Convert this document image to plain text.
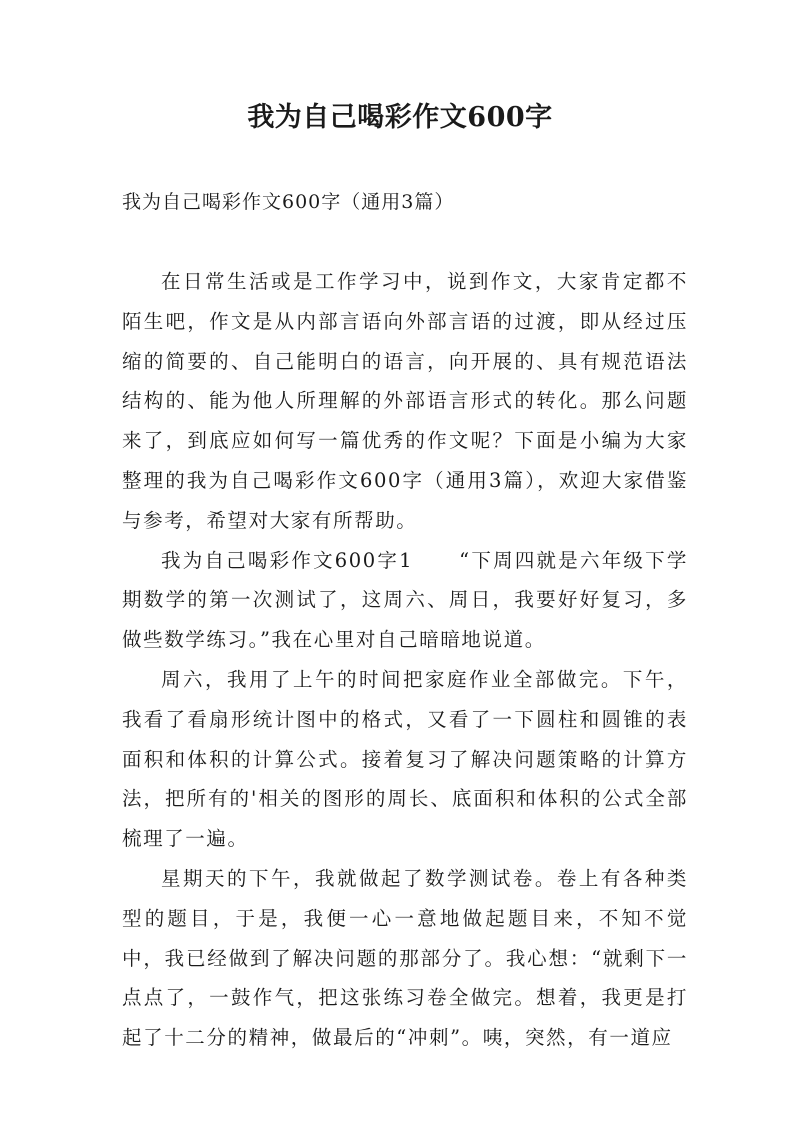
我为自己喝彩作文600字
我为自己喝彩作文600字（通用3篇）

在日常生活或是工作学习中，说到作文，大家肯定都不陌生吧，作文是从内部言语向外部言语的过渡，即从经过压缩的简要的、自己能明白的语言，向开展的、具有规范语法结构的、能为他人所理解的外部语言形式的转化。那么问题来了，到底应如何写一篇优秀的作文呢？下面是小编为大家整理的我为自己喝彩作文600字（通用3篇），欢迎大家借鉴与参考，希望对大家有所帮助。

我为自己喝彩作文600字1 “下周四就是六年级下学期数学的第一次测试了，这周六、周日，我要好好复习，多做些数学练习。”我在心里对自己暗暗地说道。

周六，我用了上午的时间把家庭作业全部做完。下午，我看了看扇形统计图中的格式，又看了一下圆柱和圆锥的表面积和体积的计算公式。接着复习了解决问题策略的计算方法，把所有的'相关的图形的周长、底面积和体积的公式全部梳理了一遍。

星期天的下午，我就做起了数学测试卷。卷上有各种类型的题目，于是，我便一心一意地做起题目来，不知不觉中，我已经做到了解决问题的那部分了。我心想：“就剩下一点点了，一鼓作气，把这张练习卷全做完。想着，我更是打起了十二分的精神，做最后的“冲刺”。咦，突然，有一道应
